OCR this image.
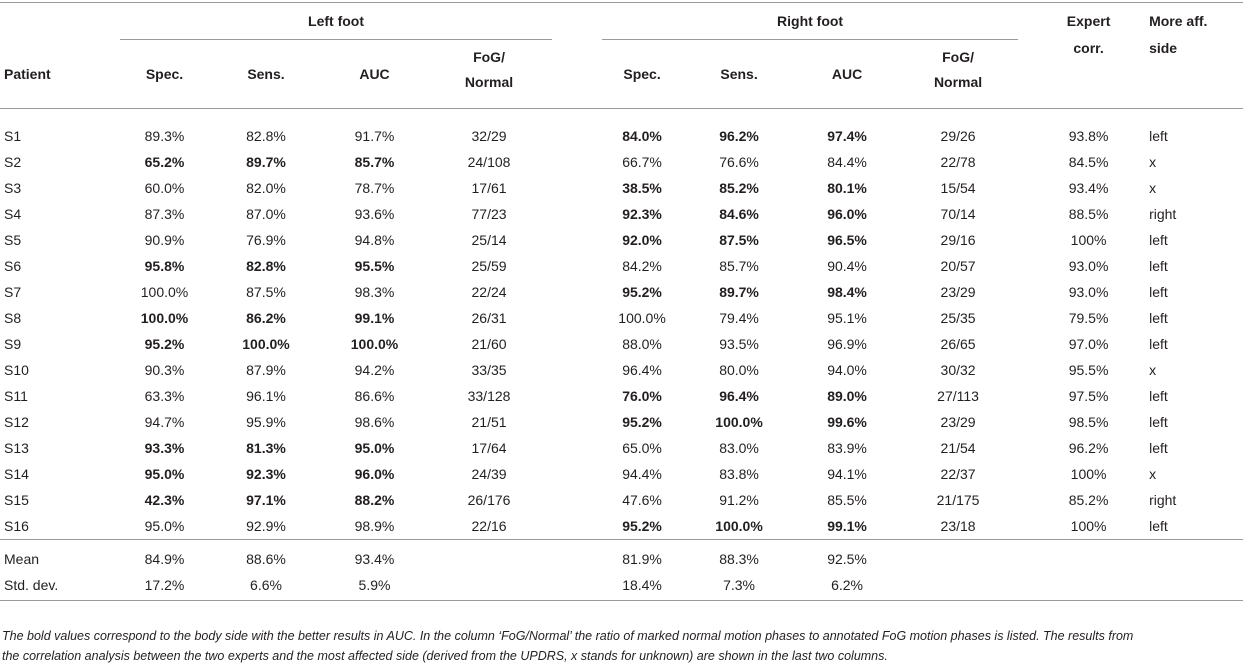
		Left foot					Right foot					Expert	More aff.
Patient		Spec.	Sens.	AUC	FoG/		Spec.	Sens.	AUC	FoG/		corr.	side
					Normal					Normal			
S1		89.3%	82.8%	91.7%	32/29		84.0%	96.2%	97.4%	29/26		93.8%	left
S2		65.2%	89.7%	85.7%	24/108		66.7%	76.6%	84.4%	22/78		84.5%	x
S3		60.0%	82.0%	78.7%	17/61		38.5%	85.2%	80.1%	15/54		93.4%	x
S4		87.3%	87.0%	93.6%	77/23		92.3%	84.6%	96.0%	70/14		88.5%	right
S5		90.9%	76.9%	94.8%	25/14		92.0%	87.5%	96.5%	29/16		100%	left
S6		95.8%	82.8%	95.5%	25/59		84.2%	85.7%	90.4%	20/57		93.0%	left
S7		100.0%	87.5%	98.3%	22/24		95.2%	89.7%	98.4%	23/29		93.0%	left
S8		100.0%	86.2%	99.1%	26/31		100.0%	79.4%	95.1%	25/35		79.5%	left
S9		95.2%	100.0%	100.0%	21/60		88.0%	93.5%	96.9%	26/65		97.0%	left
S10		90.3%	87.9%	94.2%	33/35		96.4%	80.0%	94.0%	30/32		95.5%	x
S11		63.3%	96.1%	86.6%	33/128		76.0%	96.4%	89.0%	27/113		97.5%	left
S12		94.7%	95.9%	98.6%	21/51		95.2%	100.0%	99.6%	23/29		98.5%	left
S13		93.3%	81.3%	95.0%	17/64		65.0%	83.0%	83.9%	21/54		96.2%	left
S14		95.0%	92.3%	96.0%	24/39		94.4%	83.8%	94.1%	22/37		100%	x
S15		42.3%	97.1%	88.2%	26/176		47.6%	91.2%	85.5%	21/175		85.2%	right
S16		95.0%	92.9%	98.9%	22/16		95.2%	100.0%	99.1%	23/18		100%	left
Mean		84.9%	88.6%	93.4%			81.9%	88.3%	92.5%				
Std. dev.		17.2%	6.6%	5.9%			18.4%	7.3%	6.2%				
The bold values correspond to the body side with the better results in AUC. In the column ‘FoG/Normal’ the ratio of marked normal motion phases to annotated FoG motion phases is listed. The results from the correlation analysis between the two experts and the most affected side (derived from the UPDRS, x stands for unknown) are shown in the last two columns.
